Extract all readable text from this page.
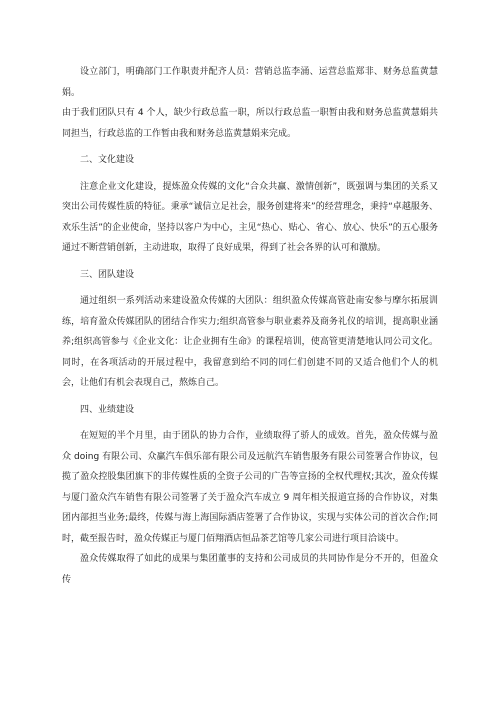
设立部门，明确部门工作职责并配齐人员：营销总监李涌、运营总监郑非、财务总监黄慧娟。

由于我们团队只有 4 个人，缺少行政总监一职，所以行政总监一职暂由我和财务总监黄慧娟共同担当，行政总监的工作暂由我和财务总监黄慧娟来完成。

二、文化建设

注意企业文化建设，提炼盈众传媒的文化“合众共赢、激情创新”，既强调与集团的关系又突出公司传媒性质的特征。秉承“诚信立足社会，服务创建将来”的经营理念，秉持“卓越服务、欢乐生活”的企业使命，坚持以客户为中心，主见“热心、贴心、省心、放心、快乐”的五心服务通过不断营销创新，主动进取，取得了良好成果，得到了社会各界的认可和激励。

三、团队建设

通过组织一系列活动来建设盈众传媒的大团队：组织盈众传媒高管赴南安参与摩尔拓展训练，培育盈众传媒团队的团结合作实力;组织高管参与职业素养及商务礼仪的培训，提高职业涵养;组织高管参与《企业文化：让企业拥有生命》的课程培训，使高管更清楚地认同公司文化。同时，在各项活动的开展过程中，我留意到给不同的同仁们创建不同的又适合他们个人的机会，让他们有机会表现自己，熬炼自己。

四、业绩建设

在短短的半个月里，由于团队的协力合作，业绩取得了骄人的成效。首先，盈众传媒与盈众 doing 有限公司、众赢汽车俱乐部有限公司及远航汽车销售服务有限公司签署合作协议，包揽了盈众控股集团旗下的非传媒性质的全资子公司的广告等宣扬的全权代理权;其次，盈众传媒与厦门盈众汽车销售有限公司签署了关于盈众汽车成立 9 周年相关报道宣扬的合作协议，对集团内部担当业务;最终，传媒与海上海国际酒店签署了合作协议，实现与实体公司的首次合作;同时，截至报告时，盈众传媒正与厦门佰翔酒店恒品茶艺馆等几家公司进行项目洽谈中。

盈众传媒取得了如此的成果与集团董事的支持和公司成员的共同协作是分不开的，但盈众传
